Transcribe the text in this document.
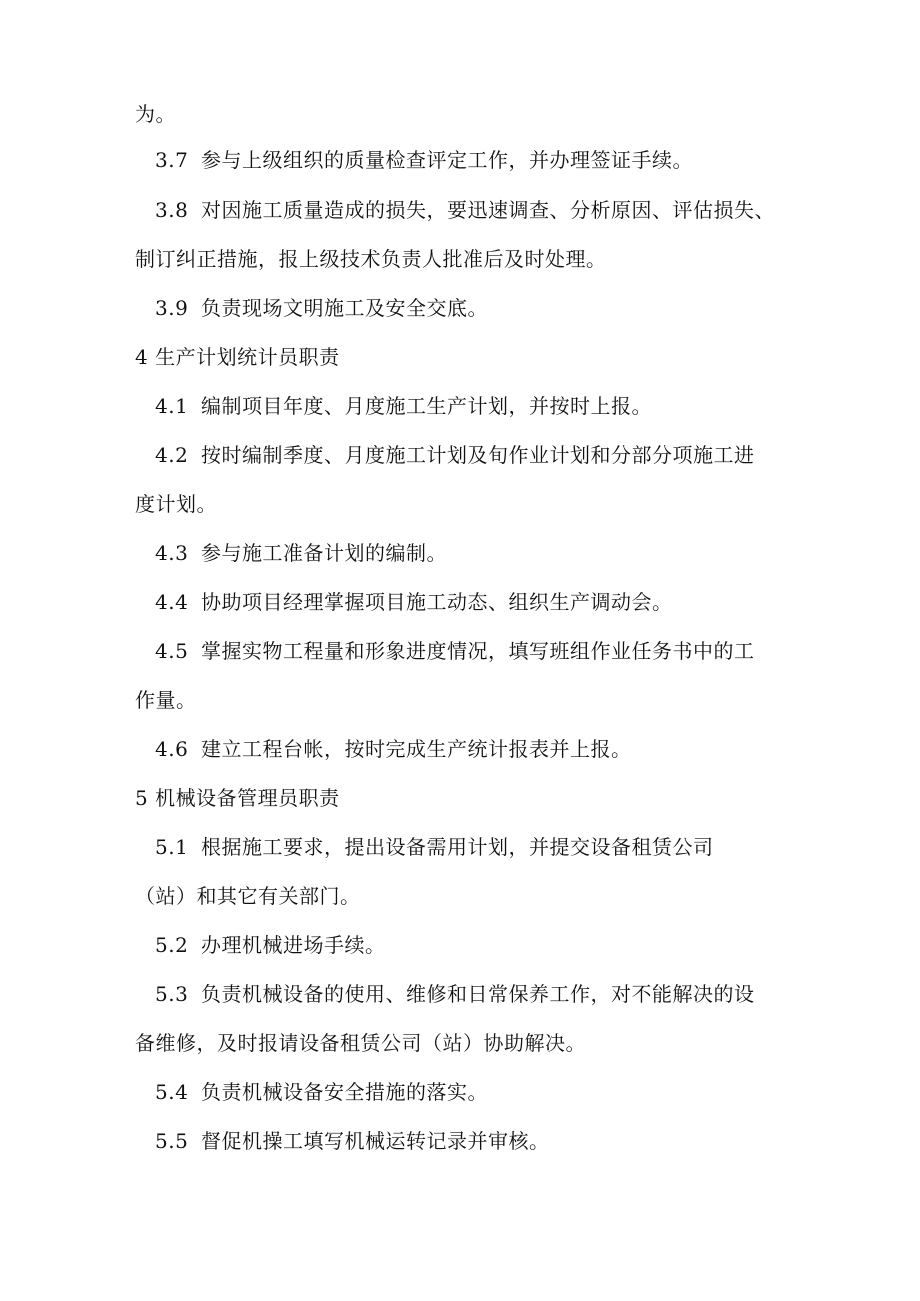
为。
3.7 参与上级组织的质量检查评定工作，并办理签证手续。
3.8 对因施工质量造成的损失，要迅速调查、分析原因、评估损失、
制订纠正措施，报上级技术负责人批准后及时处理。
3.9 负责现场文明施工及安全交底。
4 生产计划统计员职责
4.1 编制项目年度、月度施工生产计划，并按时上报。
4.2 按时编制季度、月度施工计划及旬作业计划和分部分项施工进
度计划。
4.3 参与施工准备计划的编制。
4.4 协助项目经理掌握项目施工动态、组织生产调动会。
4.5 掌握实物工程量和形象进度情况，填写班组作业任务书中的工
作量。
4.6 建立工程台帐，按时完成生产统计报表并上报。
5 机械设备管理员职责
5.1 根据施工要求，提出设备需用计划，并提交设备租赁公司
（站）和其它有关部门。
5.2 办理机械进场手续。
5.3 负责机械设备的使用、维修和日常保养工作，对不能解决的设
备维修，及时报请设备租赁公司（站）协助解决。
5.4 负责机械设备安全措施的落实。
5.5 督促机操工填写机械运转记录并审核。
